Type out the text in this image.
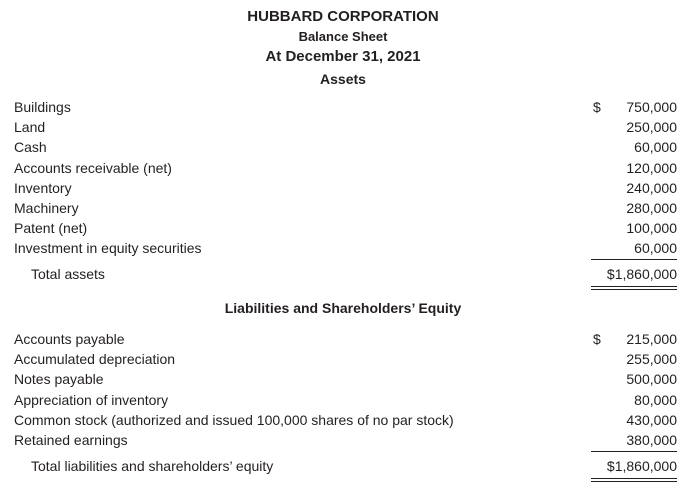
HUBBARD CORPORATION
Balance Sheet
At December 31, 2021
Assets
Buildings	$ 750,000
Land	250,000
Cash	60,000
Accounts receivable (net)	120,000
Inventory	240,000
Machinery	280,000
Patent (net)	100,000
Investment in equity securities	60,000
Total assets	$1,860,000
Liabilities and Shareholders’ Equity
Accounts payable	$ 215,000
Accumulated depreciation	255,000
Notes payable	500,000
Appreciation of inventory	80,000
Common stock (authorized and issued 100,000 shares of no par stock)	430,000
Retained earnings	380,000
Total liabilities and shareholders’ equity	$1,860,000
